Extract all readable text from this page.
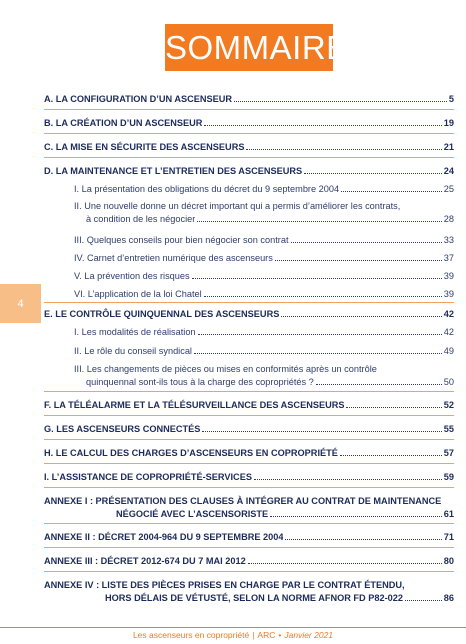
SOMMAIRE
4
A. LA CONFIGURATION D’UN ASCENSEUR	5
B. LA CRÉATION D’UN ASCENSEUR	19
C. LA MISE EN SÉCURITE DES ASCENSEURS	21
D. LA MAINTENANCE ET L’ENTRETIEN DES ASCENSEURS	24
I. La présentation des obligations du décret du 9 septembre 2004	25
II. Une nouvelle donne un décret important qui a permis d’améliorer les contrats,
à condition de les négocier	28
III. Quelques conseils pour bien négocier son contrat	33
IV. Carnet d’entretien numérique des ascenseurs	37
V. La prévention des risques	39
VI. L’application de la loi Chatel	39
E. LE CONTRÔLE QUINQUENNAL DES ASCENSEURS	42
I. Les modalités de réalisation	42
II. Le rôle du conseil syndical	49
III. Les changements de pièces ou mises en conformités après un contrôle
quinquennal sont-ils tous à la charge des copropriétés ?	50
F. LA TÉLÉALARME ET LA TÉLÉSURVEILLANCE DES ASCENSEURS	52
G. LES ASCENSEURS CONNECTÉS	55
H. LE CALCUL DES CHARGES D’ASCENSEURS EN COPROPRIÉTÉ	57
I. L’ASSISTANCE DE COPROPRIÉTÉ-SERVICES	59
ANNEXE I : PRÉSENTATION DES CLAUSES À INTÉGRER AU CONTRAT DE MAINTENANCE
NÉGOCIÉ AVEC L’ASCENSORISTE	61
ANNEXE II : DÉCRET 2004-964 DU 9 SEPTEMBRE 2004	71
ANNEXE III : DÉCRET 2012-674 DU 7 MAI 2012	80
ANNEXE IV : LISTE DES PIÈCES PRISES EN CHARGE PAR LE CONTRAT ÉTENDU,
HORS DÉLAIS DE VÉTUSTÉ, SELON LA NORME AFNOR FD P82-022	86
Les ascenseurs en copropriété | ARC • Janvier 2021
